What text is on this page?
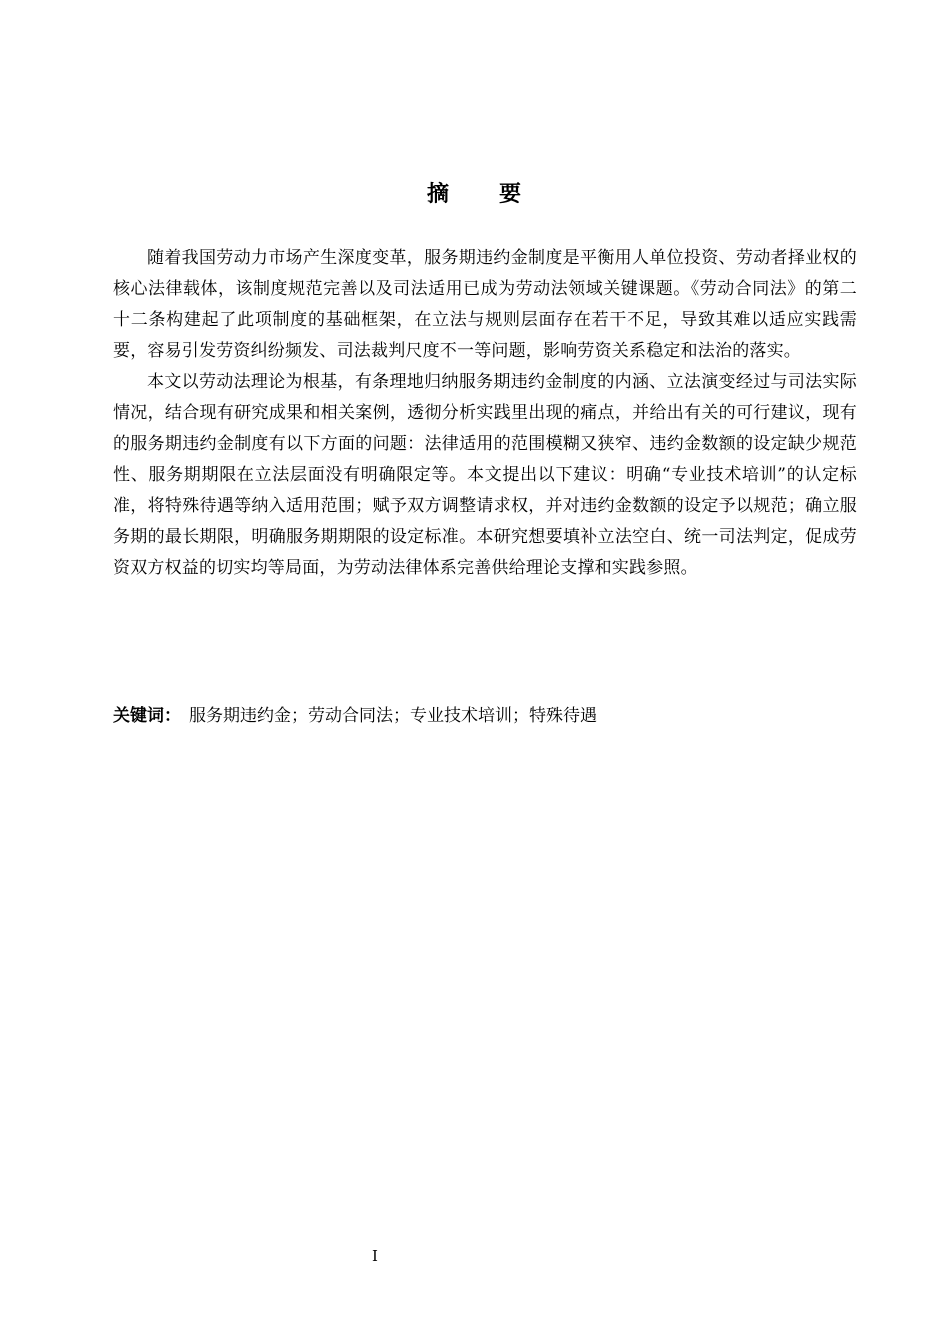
摘 要

随着我国劳动力市场产生深度变革，服务期违约金制度是平衡用人单位投资、劳动者择业权的核心法律载体，该制度规范完善以及司法适用已成为劳动法领域关键课题。《劳动合同法》的第二十二条构建起了此项制度的基础框架，在立法与规则层面存在若干不足，导致其难以适应实践需要，容易引发劳资纠纷频发、司法裁判尺度不一等问题，影响劳资关系稳定和法治的落实。

本文以劳动法理论为根基，有条理地归纳服务期违约金制度的内涵、立法演变经过与司法实际情况，结合现有研究成果和相关案例，透彻分析实践里出现的痛点，并给出有关的可行建议，现有的服务期违约金制度有以下方面的问题：法律适用的范围模糊又狭窄、违约金数额的设定缺少规范性、服务期期限在立法层面没有明确限定等。本文提出以下建议：明确“专业技术培训”的认定标准，将特殊待遇等纳入适用范围；赋予双方调整请求权，并对违约金数额的设定予以规范；确立服务期的最长期限，明确服务期期限的设定标准。本研究想要填补立法空白、统一司法判定，促成劳资双方权益的切实均等局面，为劳动法律体系完善供给理论支撑和实践参照。

关键词： 服务期违约金；劳动合同法；专业技术培训；特殊待遇
I
